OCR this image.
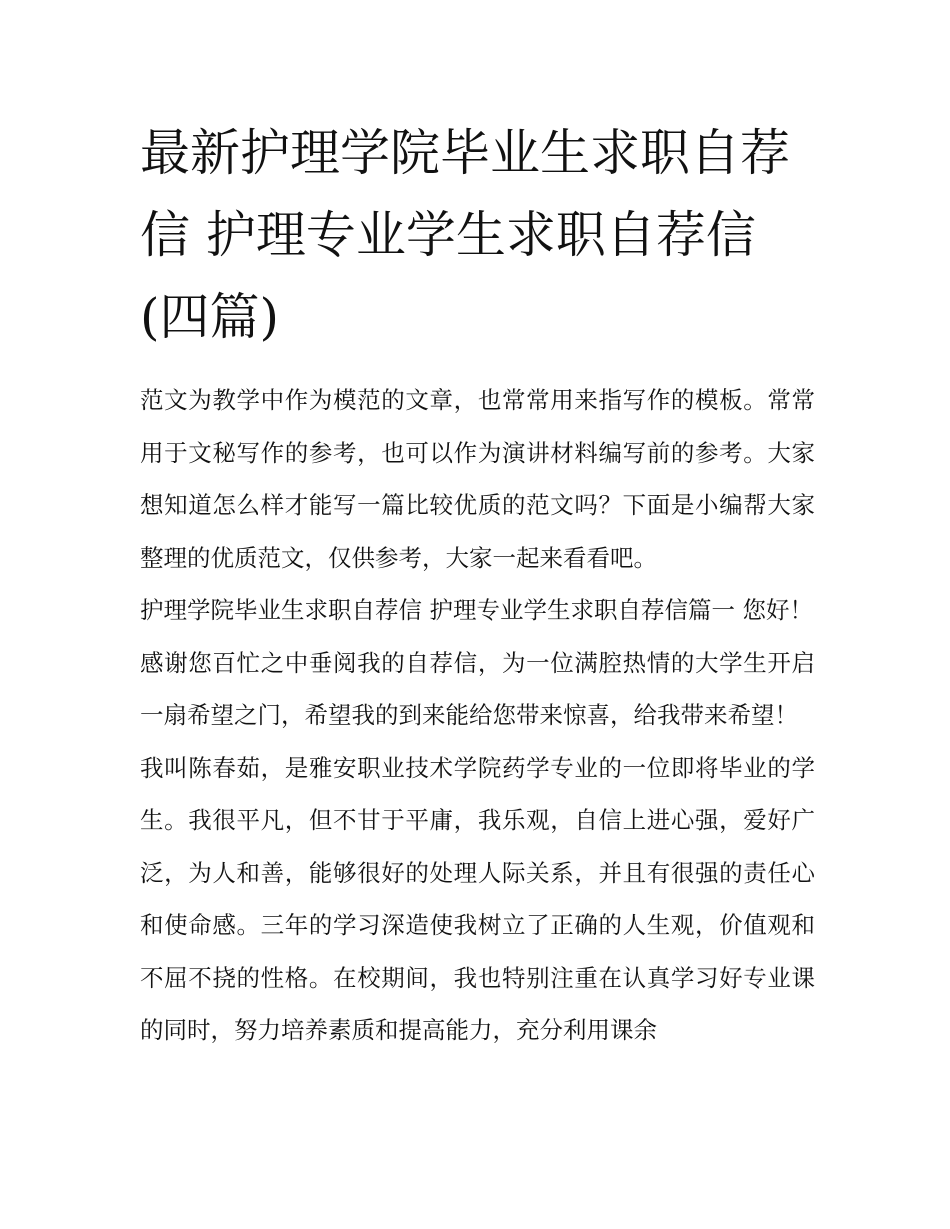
最新护理学院毕业生求职自荐
信 护理专业学生求职自荐信
(四篇)

范文为教学中作为模范的文章，也常常用来指写作的模板。常常用于文秘写作的参考，也可以作为演讲材料编写前的参考。大家想知道怎么样才能写一篇比较优质的范文吗？下面是小编帮大家整理的优质范文，仅供参考，大家一起来看看吧。

护理学院毕业生求职自荐信 护理专业学生求职自荐信篇一 您好！

感谢您百忙之中垂阅我的自荐信，为一位满腔热情的大学生开启一扇希望之门，希望我的到来能给您带来惊喜，给我带来希望！

我叫陈春茹，是雅安职业技术学院药学专业的一位即将毕业的学生。我很平凡，但不甘于平庸，我乐观，自信上进心强，爱好广泛，为人和善，能够很好的处理人际关系，并且有很强的责任心和使命感。三年的学习深造使我树立了正确的人生观，价值观和不屈不挠的性格。在校期间，我也特别注重在认真学习好专业课的同时，努力培养素质和提高能力，充分利用课余
